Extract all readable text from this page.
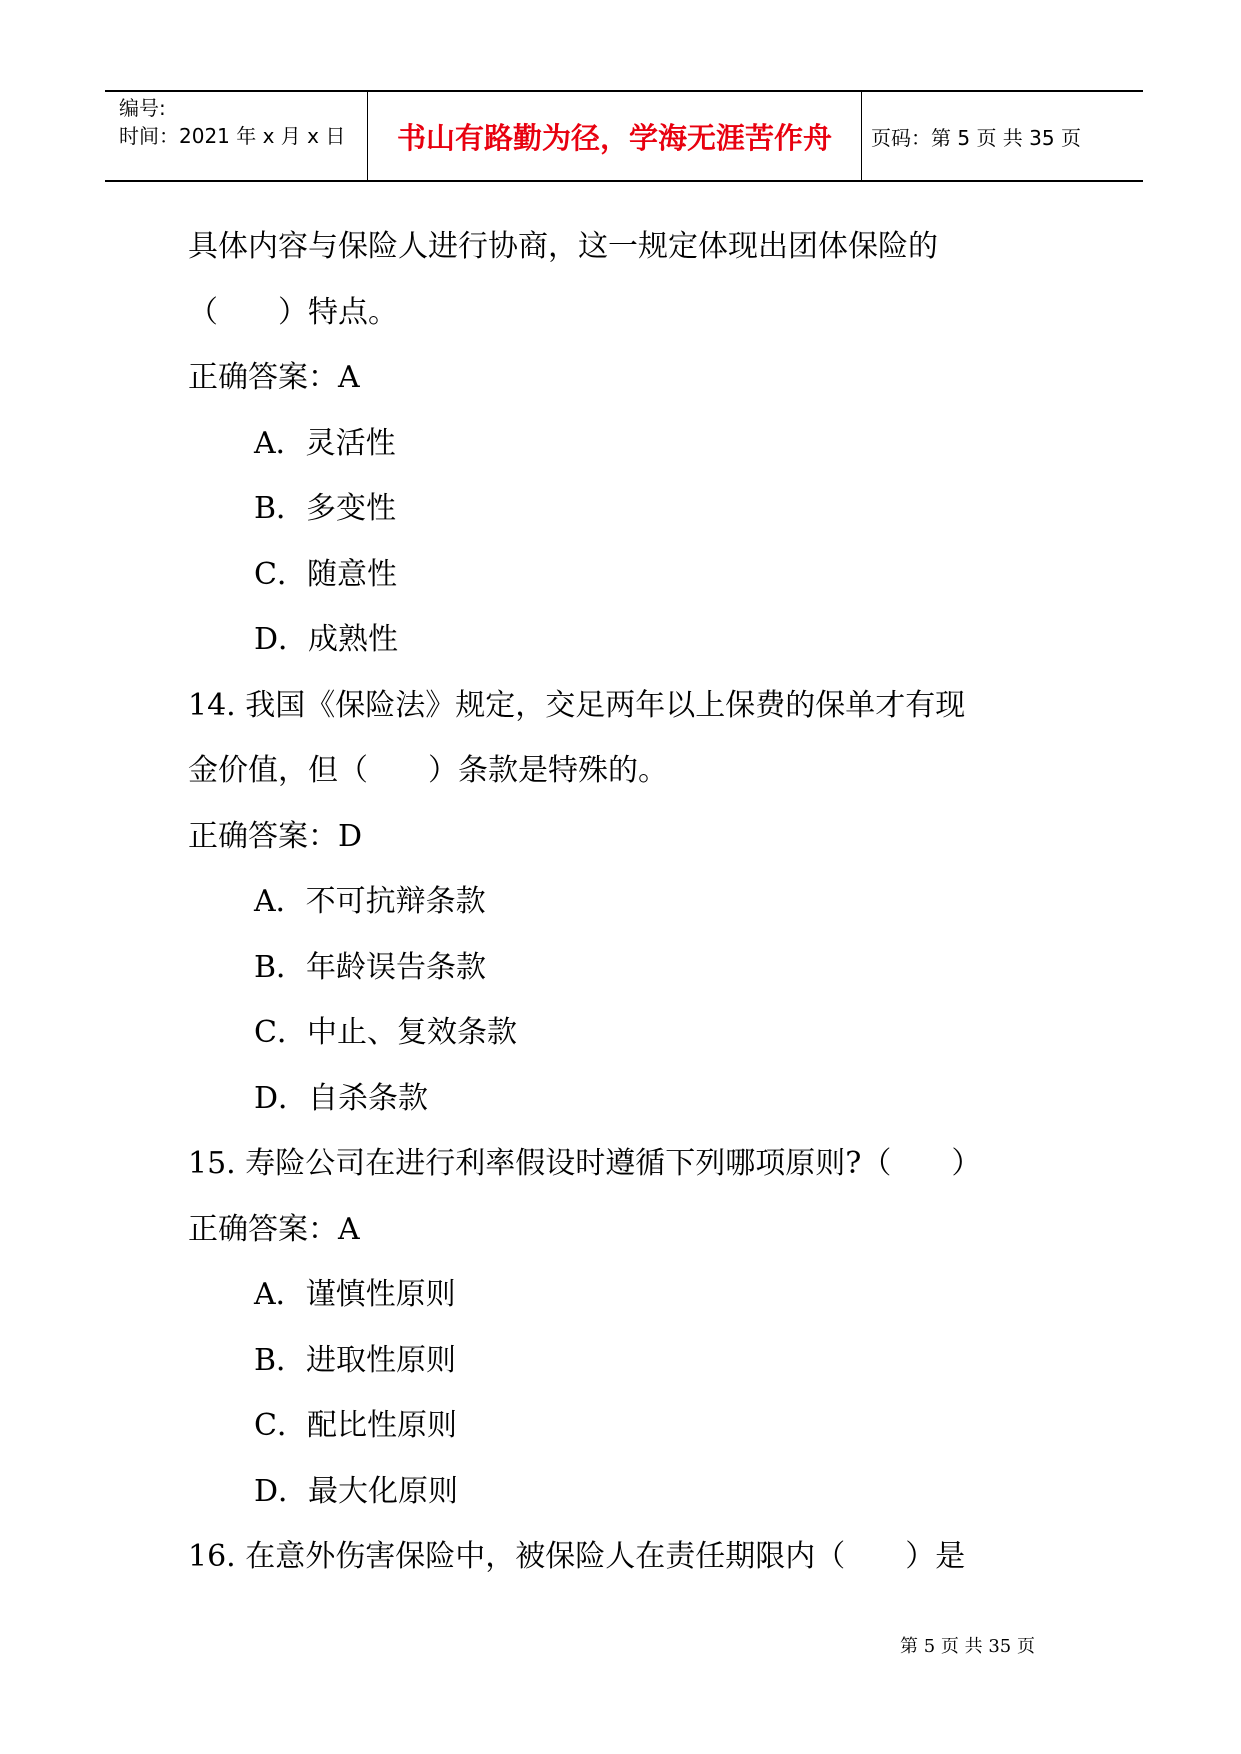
编号:
时间：2021 年 x 月 x 日	书山有路勤为径，学海无涯苦作舟	页码：第 5 页 共 35 页
具体内容与保险人进行协商，这一规定体现出团体保险的
（　　）特点。
正确答案：A
A．灵活性
B．多变性
C．随意性
D．成熟性
14. 我国《保险法》规定，交足两年以上保费的保单才有现
金价值，但（　　）条款是特殊的。
正确答案：D
A．不可抗辩条款
B．年龄误告条款
C．中止、复效条款
D．自杀条款
15. 寿险公司在进行利率假设时遵循下列哪项原则?（　　）
正确答案：A
A．谨慎性原则
B．进取性原则
C．配比性原则
D．最大化原则
16. 在意外伤害保险中，被保险人在责任期限内（　　）是
第 5 页 共 35 页
